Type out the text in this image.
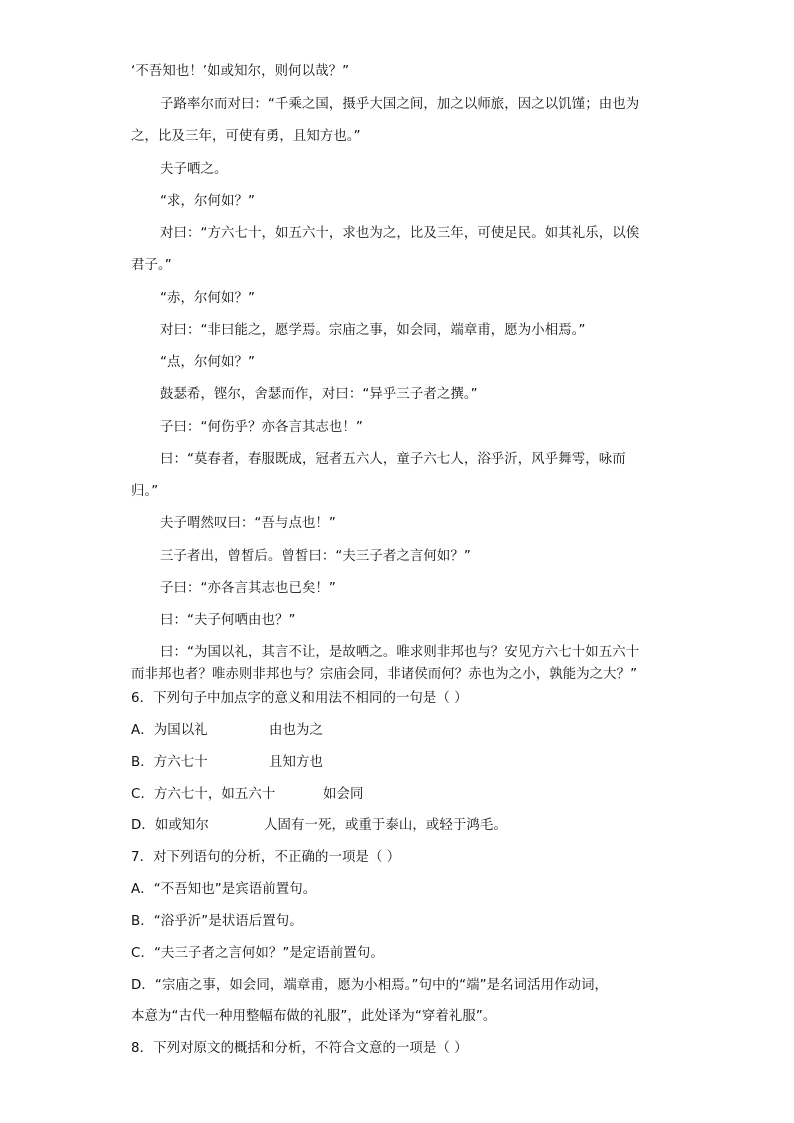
‘不吾知也！’如或知尔，则何以哉？”
子路率尔而对曰：“千乘之国，摄乎大国之间，加之以师旅，因之以饥馑；由也为
之，比及三年，可使有勇，且知方也。”
夫子哂之。
“求，尔何如？”
对曰：“方六七十，如五六十，求也为之，比及三年，可使足民。如其礼乐，以俟
君子。”
“赤，尔何如？”
对曰：“非曰能之，愿学焉。宗庙之事，如会同，端章甫，愿为小相焉。”
“点，尔何如？”
鼓瑟希，铿尔，舍瑟而作，对曰：“异乎三子者之撰。”
子曰：“何伤乎？亦各言其志也！”
曰：“莫春者，春服既成，冠者五六人，童子六七人，浴乎沂，风乎舞雩，咏而
归。”
夫子喟然叹曰：“吾与点也！”
三子者出，曾皙后。曾皙曰：“夫三子者之言何如？”
子曰：“亦各言其志也已矣！”
曰：“夫子何哂由也？”
曰：“为国以礼，其言不让，是故哂之。唯求则非邦也与？安见方六七十如五六十
而非邦也者？唯赤则非邦也与？宗庙会同，非诸侯而何？赤也为之小，孰能为之大？”
6．下列句子中加点字的意义和用法不相同的一句是（ ）
A．为国以礼	由也为之
B．方六七十	且知方也
C．方六七十，如五六十	如会同
D．如或知尔	人固有一死，或重于泰山，或轻于鸿毛。
7．对下列语句的分析，不正确的一项是（ ）
A．“不吾知也”是宾语前置句。
B．“浴乎沂”是状语后置句。
C．“夫三子者之言何如？”是定语前置句。
D．“宗庙之事，如会同，端章甫，愿为小相焉。”句中的“端”是名词活用作动词，
本意为“古代一种用整幅布做的礼服”，此处译为“穿着礼服”。
8．下列对原文的概括和分析，不符合文意的一项是（ ）
